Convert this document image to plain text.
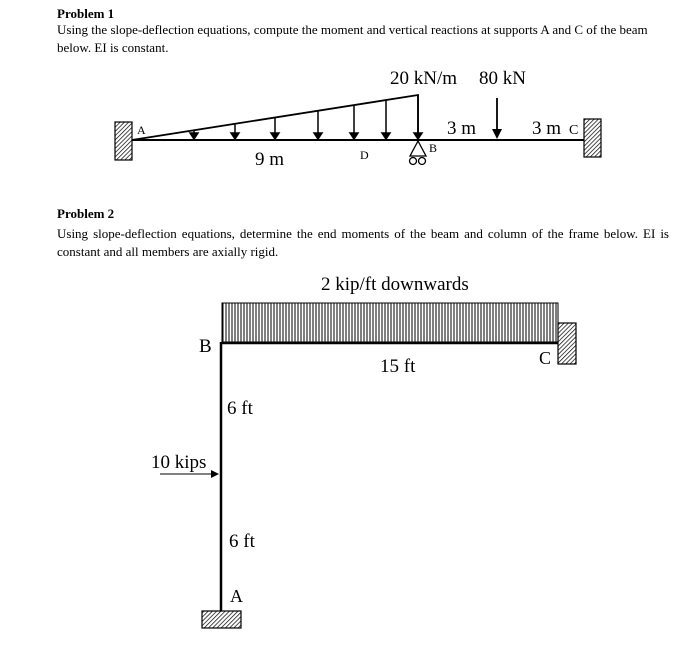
Problem 1
Using the slope-deflection equations, compute the moment and vertical reactions at supports A and C of the beam below. EI is constant.
Problem 2
Using slope-deflection equations, determine the end moments of the beam and column of the frame below. EI is constant and all members are axially rigid.
20 kN/m 80 kN
A
B
C
D
9 m
3 m	3 m
2 kip/ft downwards
B
C
A
15 ft
6 ft
6 ft
10 kips
